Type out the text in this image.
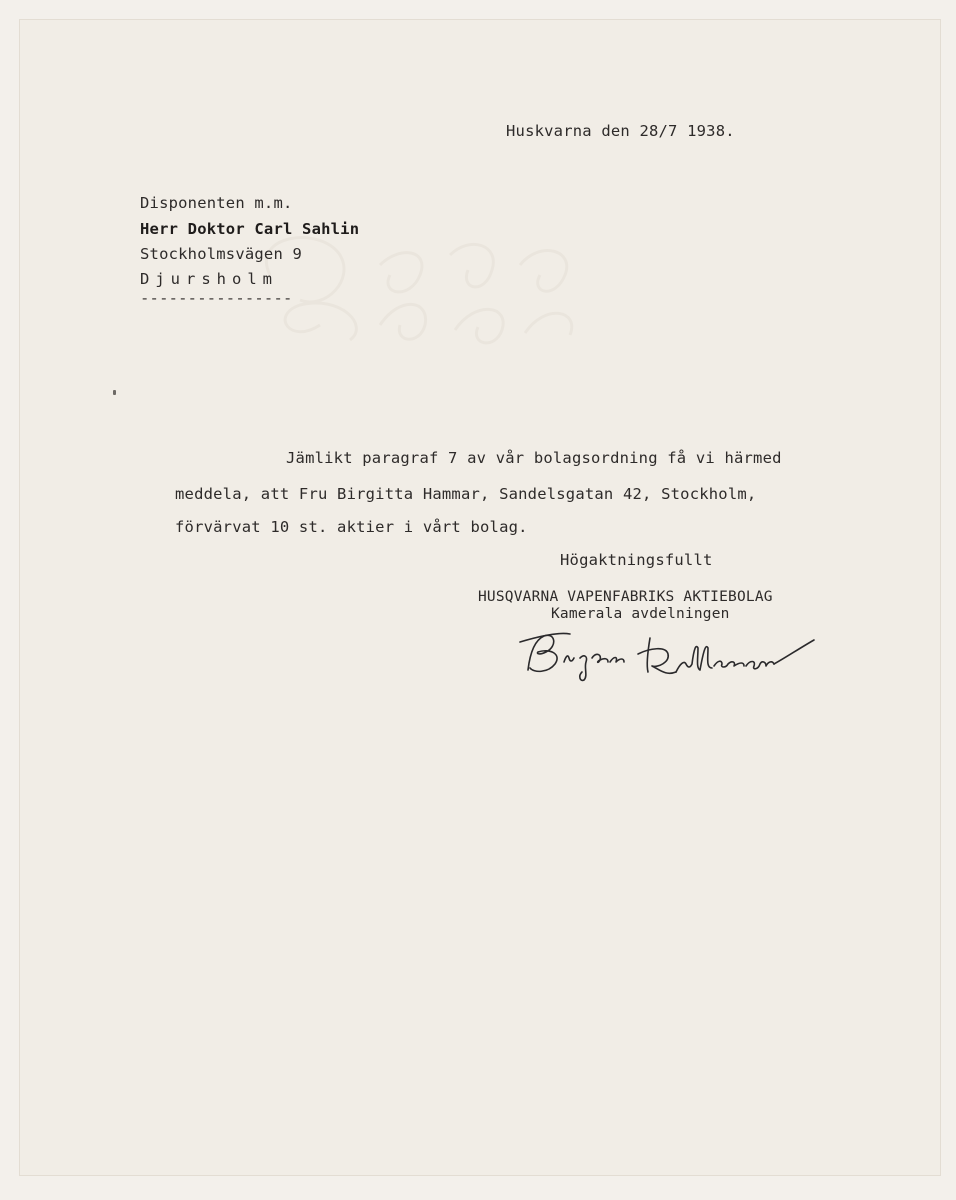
Huskvarna den 28/7 1938.
Disponenten m.m.
Herr Doktor Carl Sahlin
Stockholmsvägen 9
Djursholm
----------------
Jämlikt paragraf 7 av vår bolagsordning få vi härmed
meddela, att Fru Birgitta Hammar, Sandelsgatan 42, Stockholm,
förvärvat 10 st. aktier i vårt bolag.
Högaktningsfullt
HUSQVARNA VAPENFABRIKS AKTIEBOLAG
Kamerala avdelningen
